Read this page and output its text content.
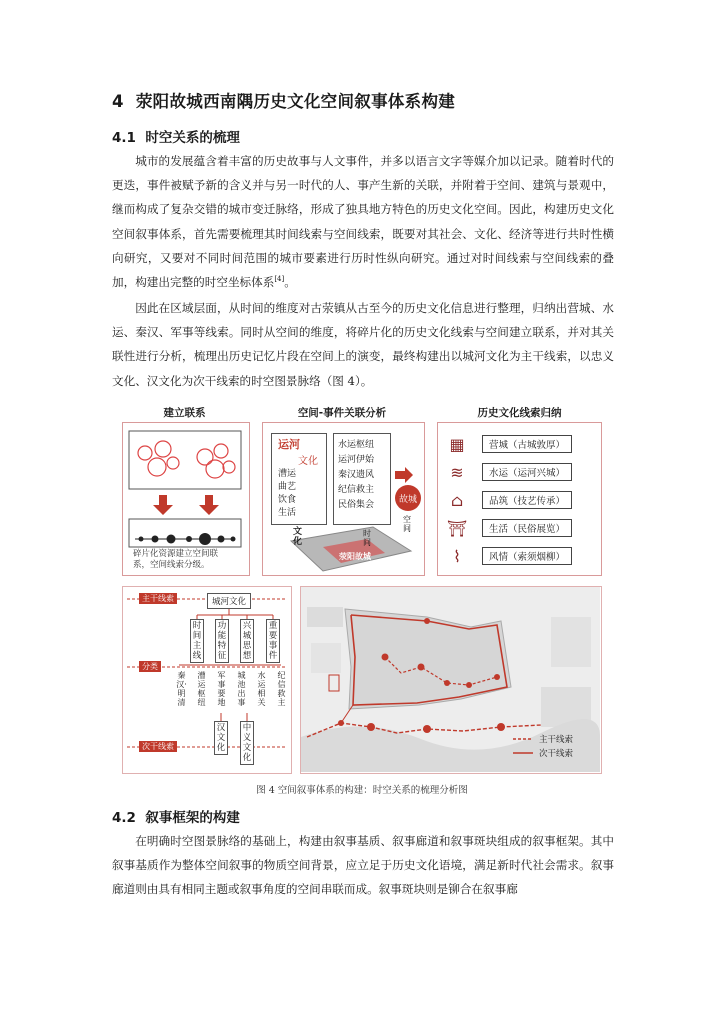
4 荥阳故城西南隅历史文化空间叙事体系构建
4.1 时空关系的梳理
城市的发展蕴含着丰富的历史故事与人文事件，并多以语言文字等媒介加以记录。随着时代的更迭，事件被赋予新的含义并与另一时代的人、事产生新的关联，并附着于空间、建筑与景观中，继而构成了复杂交错的城市变迁脉络，形成了独具地方特色的历史文化空间。因此，构建历史文化空间叙事体系，首先需要梳理其时间线索与空间线索，既要对其社会、文化、经济等进行共时性横向研究，又要对不同时间范围的城市要素进行历时性纵向研究。通过对时间线索与空间线索的叠加，构建出完整的时空坐标体系[4]。
因此在区域层面，从时间的维度对古荥镇从古至今的历史文化信息进行整理，归纳出营城、水运、秦汉、军事等线索。同时从空间的维度，将碎片化的历史文化线索与空间建立联系，并对其关联性进行分析，梳理出历史记忆片段在空间上的演变，最终构建出以城河文化为主干线索，以忠义文化、汉文化为次干线索的时空图景脉络（图 4）。
建立联系	空间-事件关联分析	历史文化线索归纳
碎片化资源建立空间联
系，空间线索分级。
运河
文化
漕运
曲艺
饮食
生活
水运枢纽
运河伊始
秦汉遗风
纪信救主
民俗集会
故城
空间
文化
荥阳故城
时间
▦	营城（古城敦厚）
≋	水运（运河兴城）
⌂	品筑（技艺传承）
⛩	生活（民俗展览）
⌇	风情（索须烟柳）
主干线索
分类
次干线索
城河文化
时间主线
功能特征
兴城思想
重要事件
秦汉·明清
漕运枢纽
军事要地
城池出事
水运相关
纪信救主
汉文化
中义文化
主干线索
次干线索
图 4 空间叙事体系的构建：时空关系的梳理分析图
4.2 叙事框架的构建
在明确时空图景脉络的基础上，构建由叙事基质、叙事廊道和叙事斑块组成的叙事框架。其中叙事基质作为整体空间叙事的物质空间背景，应立足于历史文化语境，满足新时代社会需求。叙事廊道则由具有相同主题或叙事角度的空间串联而成。叙事斑块则是铆合在叙事廊
